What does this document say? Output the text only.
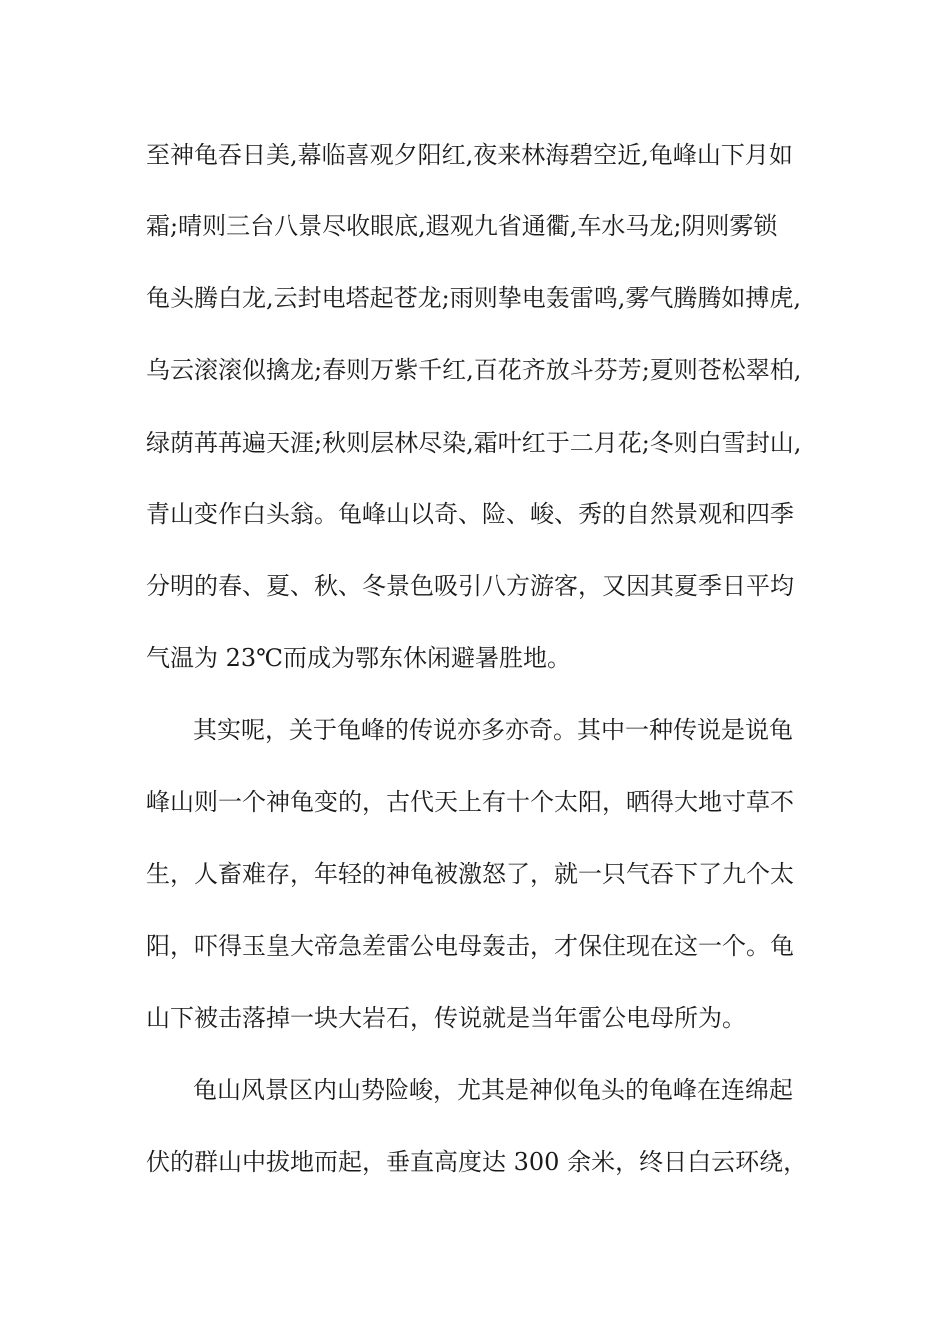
至神龟吞日美,幕临喜观夕阳红,夜来林海碧空近,龟峰山下月如
霜;晴则三台八景尽收眼底,遐观九省通衢,车水马龙;阴则雾锁
龟头腾白龙,云封电塔起苍龙;雨则挚电轰雷鸣,雾气腾腾如搏虎,
乌云滚滚似擒龙;春则万紫千红,百花齐放斗芬芳;夏则苍松翠柏,
绿荫苒苒遍天涯;秋则层林尽染,霜叶红于二月花;冬则白雪封山,
青山变作白头翁。龟峰山以奇、险、峻、秀的自然景观和四季
分明的春、夏、秋、冬景色吸引八方游客，又因其夏季日平均
气温为 23℃而成为鄂东休闲避暑胜地。
其实呢，关于龟峰的传说亦多亦奇。其中一种传说是说龟
峰山则一个神龟变的，古代天上有十个太阳，晒得大地寸草不
生，人畜难存，年轻的神龟被激怒了，就一只气吞下了九个太
阳，吓得玉皇大帝急差雷公电母轰击，才保住现在这一个。龟
山下被击落掉一块大岩石，传说就是当年雷公电母所为。
龟山风景区内山势险峻，尤其是神似龟头的龟峰在连绵起
伏的群山中拔地而起，垂直高度达 300 余米，终日白云环绕，
